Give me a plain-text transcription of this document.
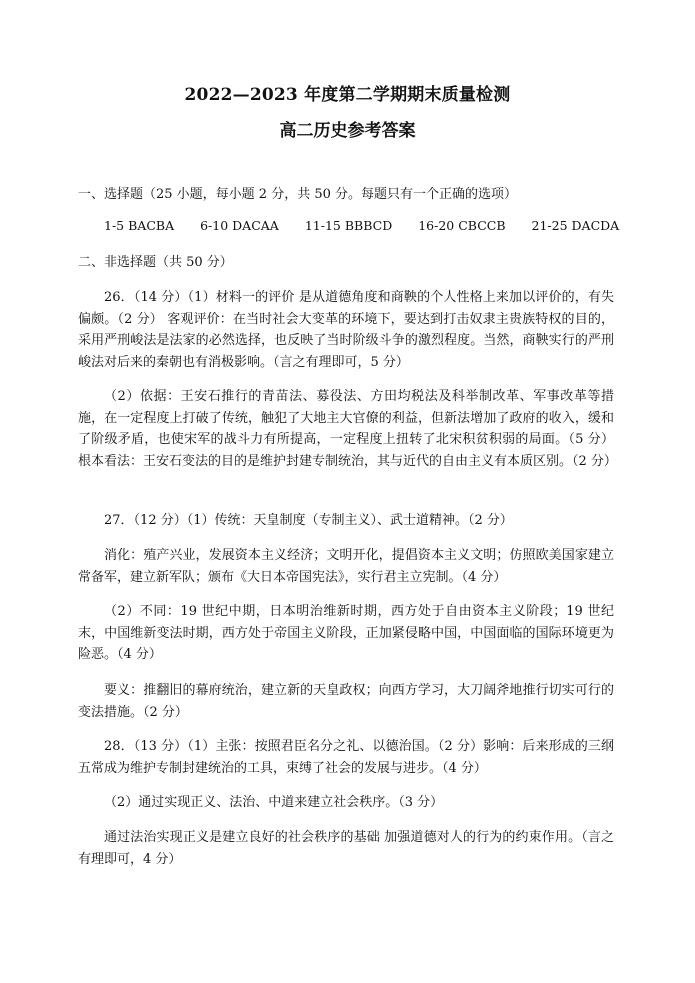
2022—2023 年度第二学期期末质量检测
高二历史参考答案
一、选择题（25 小题，每小题 2 分，共 50 分。每题只有一个正确的选项）
1-5 BACBA 6-10 DACAA 11-15 BBBCD 16-20 CBCCB 21-25 DACDA
二、非选择题（共 50 分）
26．（14 分）（1）材料一的评价 是从道德角度和商鞅的个人性格上来加以评价的，有失偏颇。（2 分） 客观评价：在当时社会大变革的环境下，要达到打击奴隶主贵族特权的目的，采用严刑峻法是法家的必然选择，也反映了当时阶级斗争的激烈程度。当然，商鞅实行的严刑峻法对后来的秦朝也有消极影响。（言之有理即可，5 分）
（2）依据：王安石推行的青苗法、募役法、方田均税法及科举制改革、军事改革等措施，在一定程度上打破了传统，触犯了大地主大官僚的利益，但新法增加了政府的收入，缓和了阶级矛盾，也使宋军的战斗力有所提高，一定程度上扭转了北宋积贫积弱的局面。（5 分）根本看法：王安石变法的目的是维护封建专制统治，其与近代的自由主义有本质区别。（2 分）
27．（12 分）（1）传统：天皇制度（专制主义）、武士道精神。（2 分）
消化：殖产兴业，发展资本主义经济；文明开化，提倡资本主义文明；仿照欧美国家建立常备军，建立新军队；颁布《大日本帝国宪法》，实行君主立宪制。（4 分）
（2）不同：19 世纪中期，日本明治维新时期，西方处于自由资本主义阶段；19 世纪末，中国维新变法时期，西方处于帝国主义阶段，正加紧侵略中国，中国面临的国际环境更为险恶。（4 分）
要义：推翻旧的幕府统治，建立新的天皇政权；向西方学习，大刀阔斧地推行切实可行的变法措施。（2 分）
28．（13 分）（1）主张：按照君臣名分之礼、以德治国。（2 分）影响：后来形成的三纲五常成为维护专制封建统治的工具，束缚了社会的发展与进步。（4 分）
（2）通过实现正义、法治、中道来建立社会秩序。（3 分）
通过法治实现正义是建立良好的社会秩序的基础 加强道德对人的行为的约束作用。（言之有理即可，4 分）
